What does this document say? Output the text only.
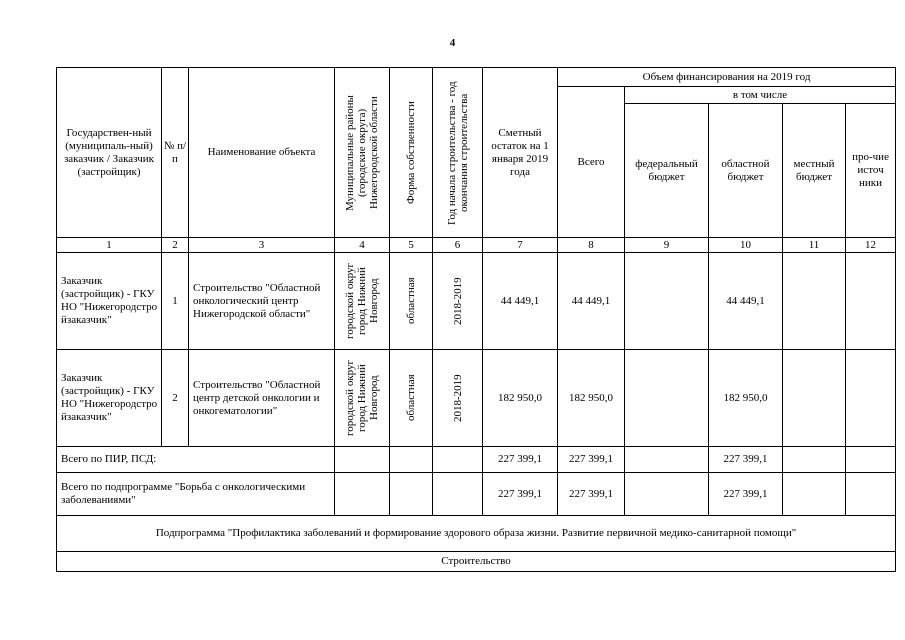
4
Государствен-ный (муниципаль-ный) заказчик / Заказчик (застройщик)	№ п/п	Наименование объекта	Муниципальные районы (городские округа) Нижегородской области	Форма собственности	Год начала строительства - год окончания строительства	Сметный остаток на 1 января 2019 года	Объем финансирования на 2019 год				
							Всего	в том числе			
								федеральный бюджет	областной бюджет	местный бюджет	про-чие источ ники
1	2	3	4	5	6	7	8	9	10	11	12
Заказчик (застройщик) - ГКУ НО "Нижегородстро йзаказчик"	1	Строительство "Областной онкологический центр Нижегородской области"	городской округ город Нижний Новгород	областная	2018-2019	44 449,1	44 449,1		44 449,1		
Заказчик (застройщик) - ГКУ НО "Нижегородстро йзаказчик"	2	Строительство "Областной центр детской онкологии и онкогематологии"	городской округ город Нижний Новгород	областная	2018-2019	182 950,0	182 950,0		182 950,0		
Всего по ПИР, ПСД:						227 399,1	227 399,1		227 399,1		
Всего по подпрограмме "Борьба с онкологическими заболеваниями"						227 399,1	227 399,1		227 399,1		
Подпрограмма "Профилактика заболеваний и формирование здорового образа жизни. Развитие первичной медико-санитарной помощи"											
Строительство											
